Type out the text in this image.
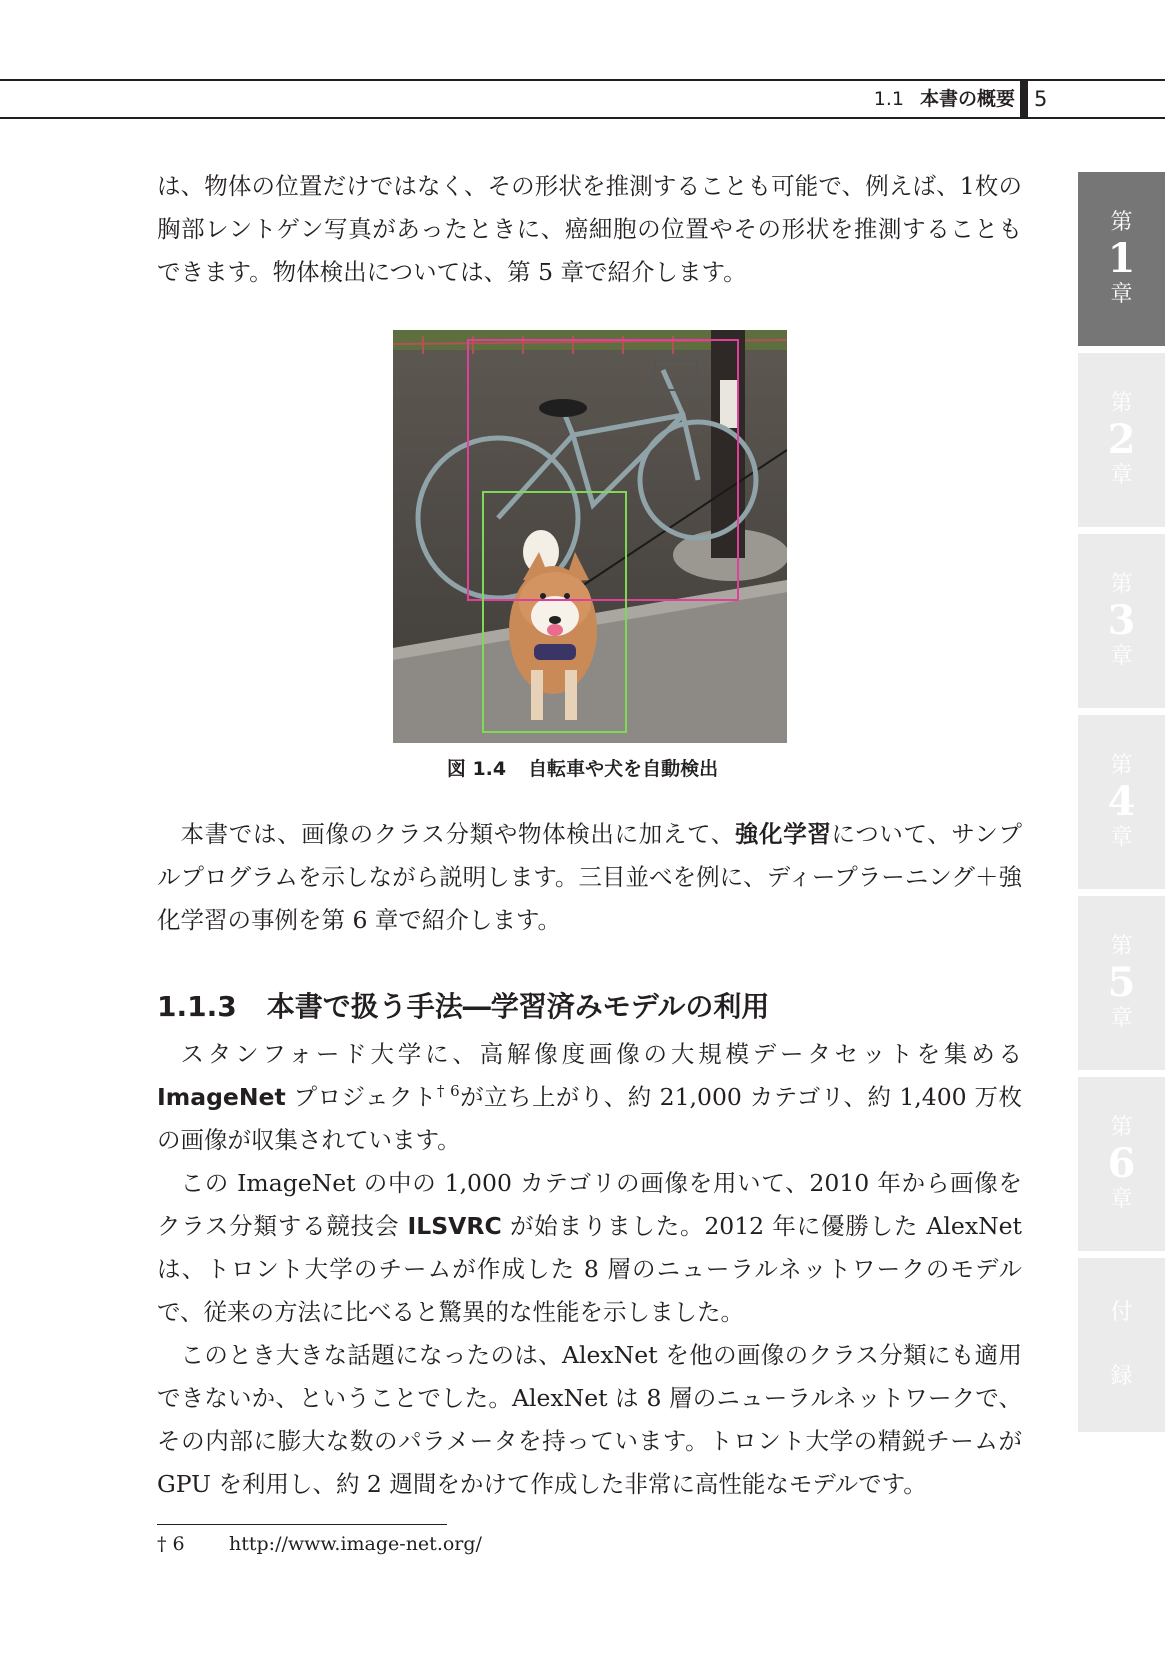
1.1 本書の概要 5
第
1
章
第
2
章
第
3
章
第
4
章
第
5
章
第
6
章
付
録

は、物体の位置だけではなく、その形状を推測することも可能で、例えば、1枚の胸部レントゲン写真があったときに、癌細胞の位置やその形状を推測することもできます。物体検出については、第 5 章で紹介します。

図 1.4 自転車や犬を自動検出

本書では、画像のクラス分類や物体検出に加えて、強化学習について、サンプルプログラムを示しながら説明します。三目並べを例に、ディープラーニング＋強化学習の事例を第 6 章で紹介します。

1.1.3 本書で扱う手法―学習済みモデルの利用

スタンフォード大学に、高解像度画像の大規模データセットを集めるImageNet プロジェクト$^{\dagger 6}$が立ち上がり、約 21,000 カテゴリ、約 1,400 万枚の画像が収集されています。

この ImageNet の中の 1,000 カテゴリの画像を用いて、2010 年から画像をクラス分類する競技会 ILSVRC が始まりました。2012 年に優勝した AlexNet は、トロント大学のチームが作成した 8 層のニューラルネットワークのモデルで、従来の方法に比べると驚異的な性能を示しました。

このとき大きな話題になったのは、AlexNet を他の画像のクラス分類にも適用できないか、ということでした。AlexNet は 8 層のニューラルネットワークで、その内部に膨大な数のパラメータを持っています。トロント大学の精鋭チームが GPU を利用し、約 2 週間をかけて作成した非常に高性能なモデルです。

† 6 http://www.image-net.org/
